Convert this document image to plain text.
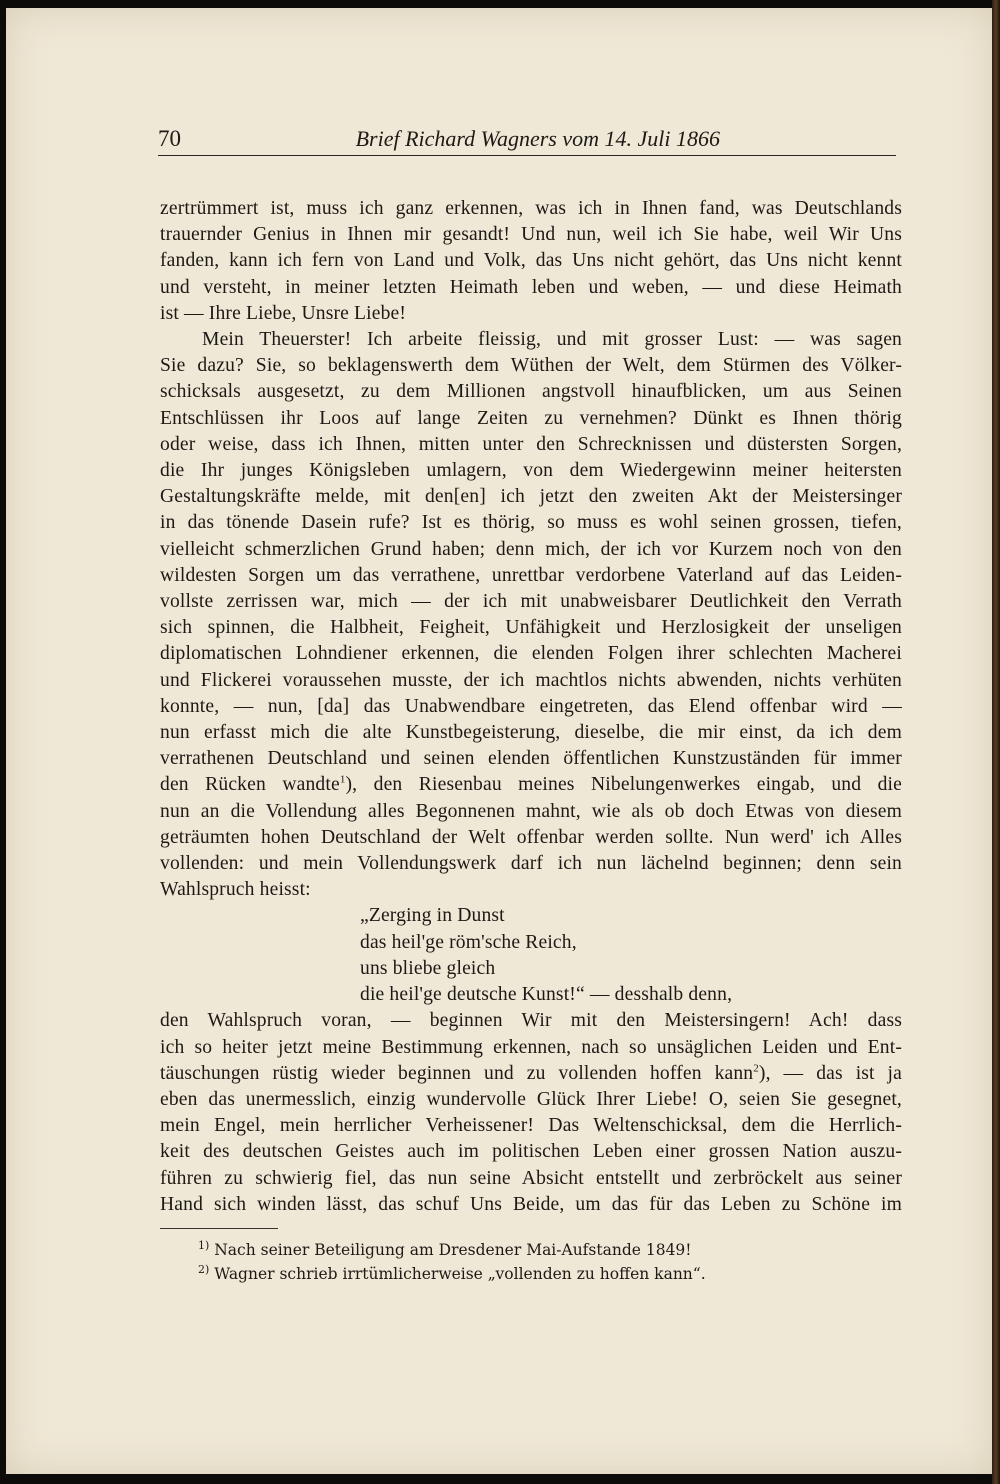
70	Brief Richard Wagners vom 14. Juli 1866
zertrümmert ist, muss ich ganz erkennen, was ich in Ihnen fand, was Deutschlands
trauernder Genius in Ihnen mir gesandt! Und nun, weil ich Sie habe, weil Wir Uns
fanden, kann ich fern von Land und Volk, das Uns nicht gehört, das Uns nicht kennt
und versteht, in meiner letzten Heimath leben und weben, — und diese Heimath
ist — Ihre Liebe, Unsre Liebe!
Mein Theuerster! Ich arbeite fleissig, und mit grosser Lust: — was sagen
Sie dazu? Sie, so beklagenswerth dem Wüthen der Welt, dem Stürmen des Völker-
schicksals ausgesetzt, zu dem Millionen angstvoll hinaufblicken, um aus Seinen
Entschlüssen ihr Loos auf lange Zeiten zu vernehmen? Dünkt es Ihnen thörig
oder weise, dass ich Ihnen, mitten unter den Schrecknissen und düstersten Sorgen,
die Ihr junges Königsleben umlagern, von dem Wiedergewinn meiner heitersten
Gestaltungskräfte melde, mit den[en] ich jetzt den zweiten Akt der Meistersinger
in das tönende Dasein rufe? Ist es thörig, so muss es wohl seinen grossen, tiefen,
vielleicht schmerzlichen Grund haben; denn mich, der ich vor Kurzem noch von den
wildesten Sorgen um das verrathene, unrettbar verdorbene Vaterland auf das Leiden-
vollste zerrissen war, mich — der ich mit unabweisbarer Deutlichkeit den Verrath
sich spinnen, die Halbheit, Feigheit, Unfähigkeit und Herzlosigkeit der unseligen
diplomatischen Lohndiener erkennen, die elenden Folgen ihrer schlechten Macherei
und Flickerei voraussehen musste, der ich machtlos nichts abwenden, nichts verhüten
konnte, — nun, [da] das Unabwendbare eingetreten, das Elend offenbar wird —
nun erfasst mich die alte Kunstbegeisterung, dieselbe, die mir einst, da ich dem
verrathenen Deutschland und seinen elenden öffentlichen Kunstzuständen für immer
den Rücken wandte$^1$), den Riesenbau meines Nibelungenwerkes eingab, und die
nun an die Vollendung alles Begonnenen mahnt, wie als ob doch Etwas von diesem
geträumten hohen Deutschland der Welt offenbar werden sollte. Nun werd' ich Alles
vollenden: und mein Vollendungswerk darf ich nun lächelnd beginnen; denn sein
Wahlspruch heisst:
„Zerging in Dunst
das heil'ge röm'sche Reich,
uns bliebe gleich
die heil'ge deutsche Kunst!“ — desshalb denn,
den Wahlspruch voran, — beginnen Wir mit den Meistersingern! Ach! dass
ich so heiter jetzt meine Bestimmung erkennen, nach so unsäglichen Leiden und Ent-
täuschungen rüstig wieder beginnen und zu vollenden hoffen kann$^2$), — das ist ja
eben das unermesslich, einzig wundervolle Glück Ihrer Liebe! O, seien Sie gesegnet,
mein Engel, mein herrlicher Verheissener! Das Weltenschicksal, dem die Herrlich-
keit des deutschen Geistes auch im politischen Leben einer grossen Nation auszu-
führen zu schwierig fiel, das nun seine Absicht entstellt und zerbröckelt aus seiner
Hand sich winden lässt, das schuf Uns Beide, um das für das Leben zu Schöne im
$^{1)}$ Nach seiner Beteiligung am Dresdener Mai-Aufstande 1849!
$^{2)}$ Wagner schrieb irrtümlicherweise „vollenden zu hoffen kann“.
